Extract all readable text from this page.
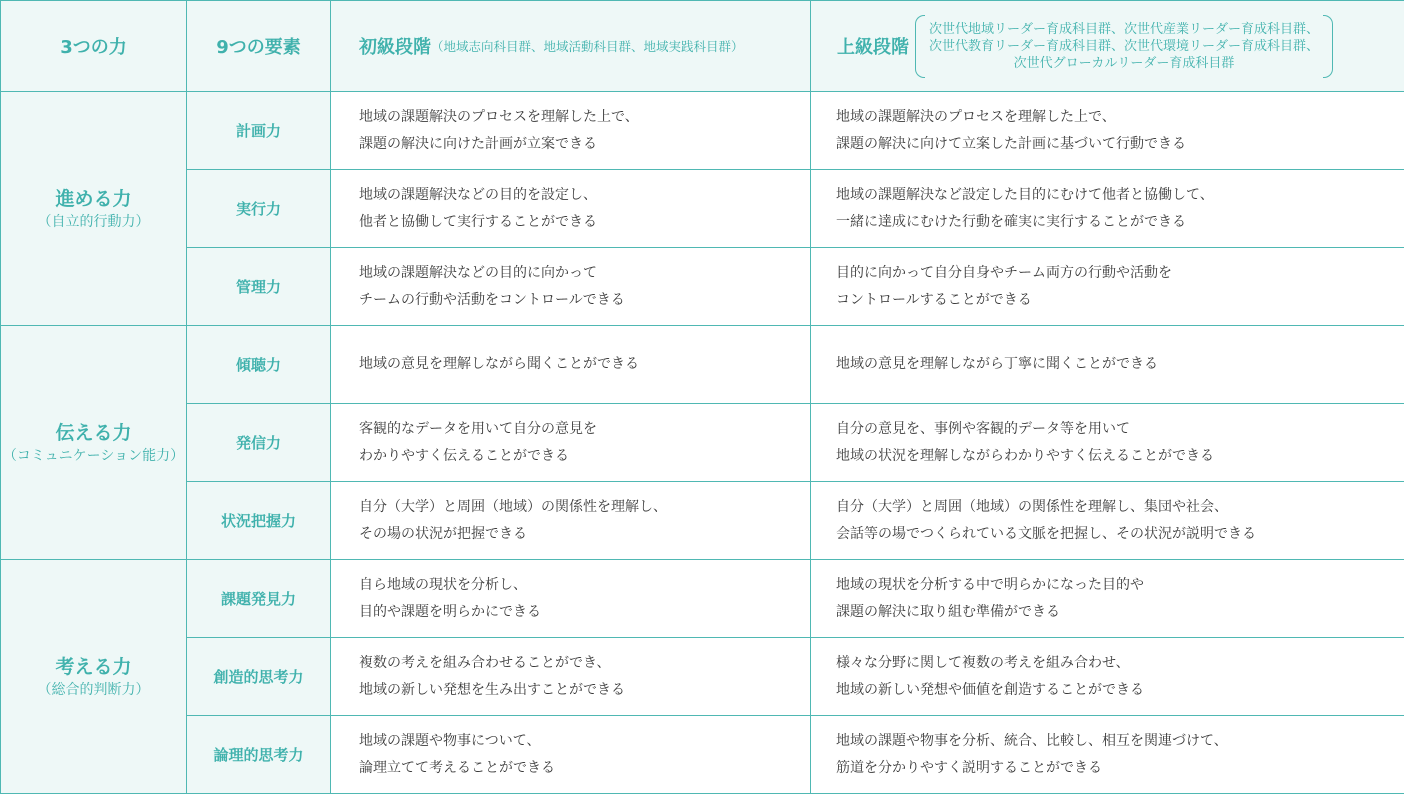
3つの力	9つの要素	初級段階（地域志向科目群、地域活動科目群、地域実践科目群）	上級段階
次世代地域リーダー育成科目群、次世代産業リーダー育成科目群、
次世代教育リーダー育成科目群、次世代環境リーダー育成科目群、
次世代グローカルリーダー育成科目群

進める力
（自立的行動力）	計画力	地域の課題解決のプロセスを理解した上で、
課題の解決に向けた計画が立案できる	地域の課題解決のプロセスを理解した上で、
課題の解決に向けて立案した計画に基づいて行動できる

	実行力	地域の課題解決などの目的を設定し、
他者と協働して実行することができる	地域の課題解決など設定した目的にむけて他者と協働して、
一緒に達成にむけた行動を確実に実行することができる

	管理力	地域の課題解決などの目的に向かって
チームの行動や活動をコントロールできる	目的に向かって自分自身やチーム両方の行動や活動を
コントロールすることができる

伝える力
（コミュニケーション能力）	傾聴力	地域の意見を理解しながら聞くことができる	地域の意見を理解しながら丁寧に聞くことができる

	発信力	客観的なデータを用いて自分の意見を
わかりやすく伝えることができる	自分の意見を、事例や客観的データ等を用いて
地域の状況を理解しながらわかりやすく伝えることができる

	状況把握力	自分（大学）と周囲（地域）の関係性を理解し、
その場の状況が把握できる	自分（大学）と周囲（地域）の関係性を理解し、集団や社会、
会話等の場でつくられている文脈を把握し、その状況が説明できる

考える力
（総合的判断力）	課題発見力	自ら地域の現状を分析し、
目的や課題を明らかにできる	地域の現状を分析する中で明らかになった目的や
課題の解決に取り組む準備ができる

	創造的思考力	複数の考えを組み合わせることができ、
地域の新しい発想を生み出すことができる	様々な分野に関して複数の考えを組み合わせ、
地域の新しい発想や価値を創造することができる

	論理的思考力	地域の課題や物事について、
論理立てて考えることができる	地域の課題や物事を分析、統合、比較し、相互を関連づけて、
筋道を分かりやすく説明することができる
